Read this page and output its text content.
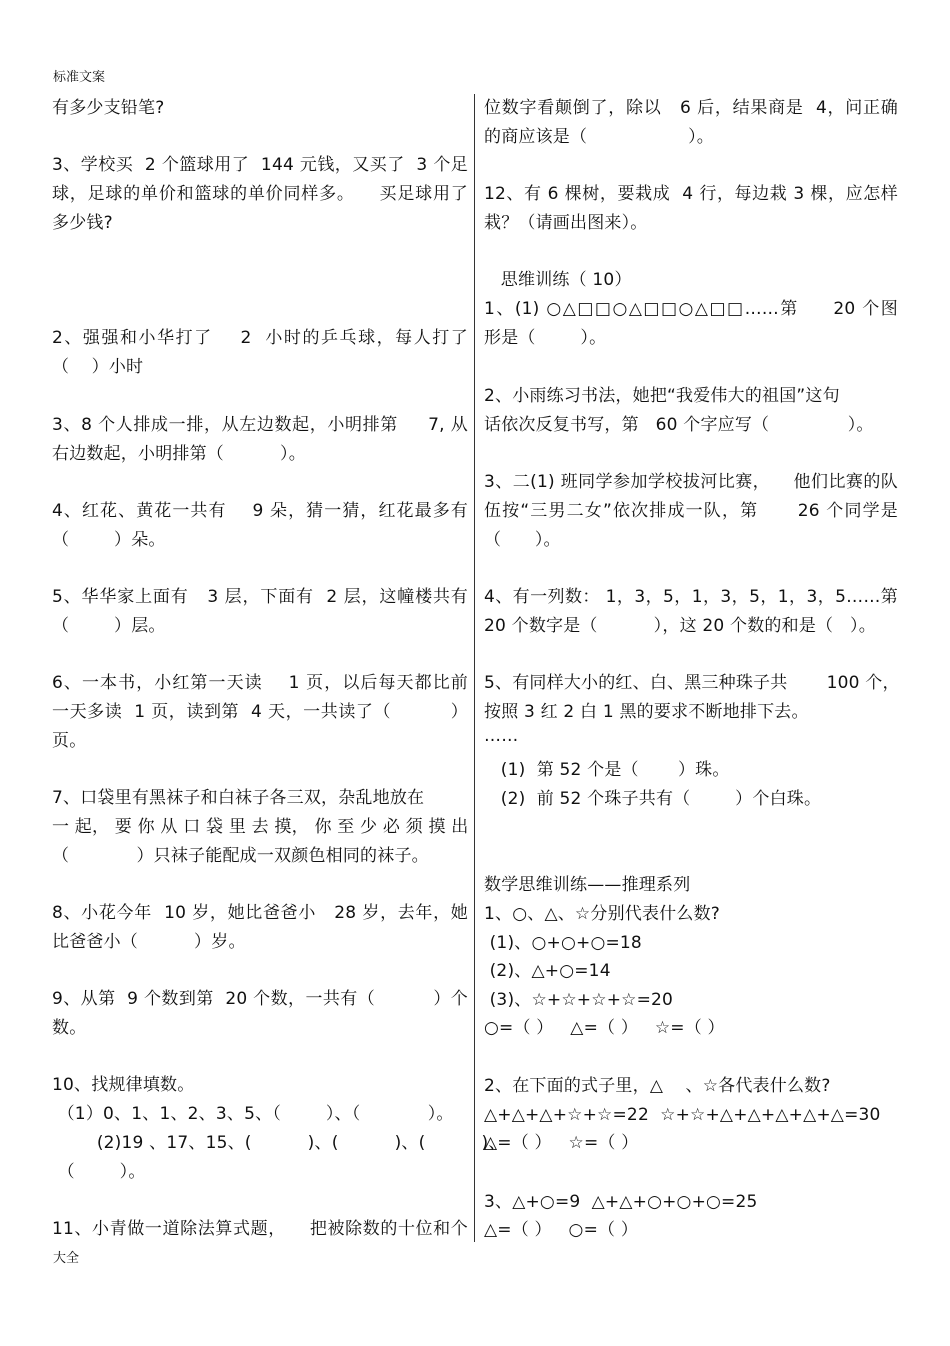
标准文案
有多少支铅笔?
3、学校买  2 个篮球用了  144 元钱，又买了  3 个足
球，足球的单价和篮球的单价同样多。    买足球用了
多少钱?
2、强强和小华打了    2  小时的乒乓球，每人打了
（    ）小时
3、8 个人排成一排，从左边数起，小明排第     7, 从
右边数起，小明排第（          ）。
4、红花、黄花一共有    9 朵，猜一猜，红花最多有
（        ）朵。
5、华华家上面有   3 层，下面有  2 层，这幢楼共有
（        ）层。
6、一本书，小红第一天读    1 页，以后每天都比前
一天多读  1 页，读到第  4 天，一共读了（          ）
页。
7、口袋里有黑袜子和白袜子各三双，杂乱地放在
一 起， 要 你 从 口 袋 里 去 摸， 你 至 少 必 须 摸 出
（            ）只袜子能配成一双颜色相同的袜子。
8、小花今年  10 岁，她比爸爸小   28 岁，去年，她
比爸爸小（          ）岁。
9、从第  9 个数到第  20 个数，一共有（          ）个
数。
10、找规律填数。
（1）0、1、1、2、3、5、（        ）、（            ）。
(2)19 、17、15、(          )、(          )、(          )、
（        ）。
11、小青做一道除法算式题，    把被除数的十位和个
位数字看颠倒了，除以   6 后，结果商是  4，问正确
的商应该是（                  ）。
12、有 6 棵树，要栽成  4 行，每边栽 3 棵，应怎样
栽？（请画出图来）。
思维训练（ 10）
1、(1) ○△□□○△□□○△□□……第     20 个图
形是（        ）。
2、小雨练习书法，她把“我爱伟大的祖国”这句
话依次反复书写，第   60 个字应写（              ）。
3、二(1) 班同学参加学校拔河比赛，    他们比赛的队
伍按“三男二女”依次排成一队，第      26 个同学是
（      ）。
4、有一列数： 1，3，5，1，3，5，1，3，5……第
20 个数字是（          ），这 20 个数的和是（   ）。
5、有同样大小的红、白、黑三种珠子共       100 个，
按照 3 红 2 白 1 黑的要求不断地排下去。
……
(1)  第 52 个是（       ）珠。
(2)  前 52 个珠子共有（        ）个白珠。
数学思维训练——推理系列
1、○、△、☆分别代表什么数?
(1)、○+○+○=18
(2)、△+○=14
(3)、☆+☆+☆+☆=20
○=（ ）   △=（ ）   ☆=（ ）
2、在下面的式子里，△    、☆各代表什么数?
△+△+△+☆+☆=22  ☆+☆+△+△+△+△+△=30
△=（ ）   ☆=（ ）
3、△+○=9  △+△+○+○+○=25
△=（ ）   ○=（ ）
大全
